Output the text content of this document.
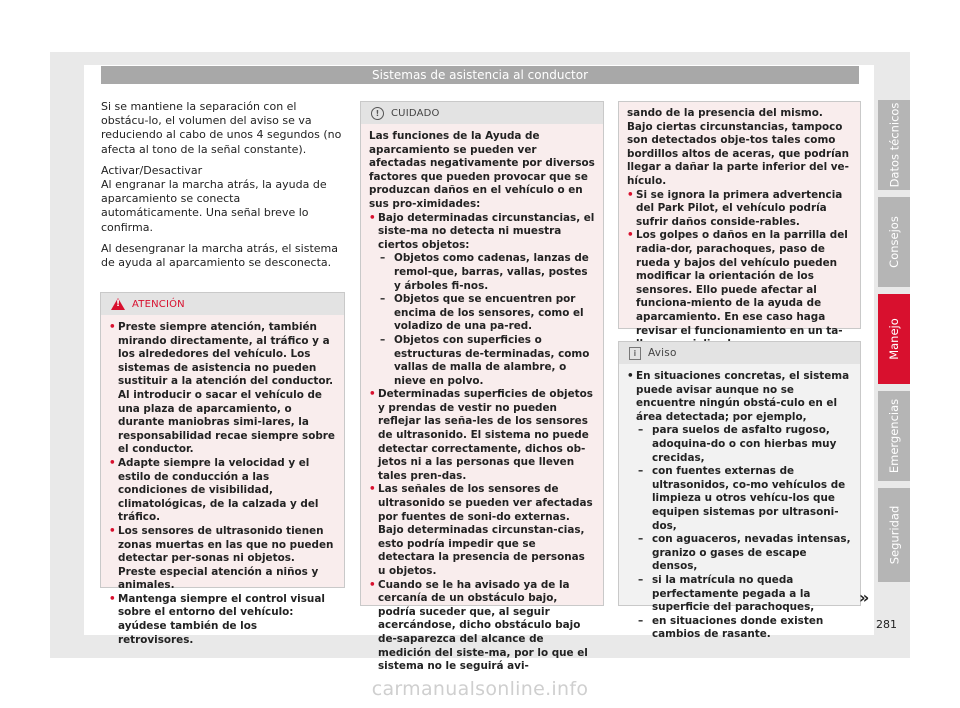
Sistemas de asistencia al conductor

Si se mantiene la separación con el obstácu-lo, el volumen del aviso se va reduciendo al cabo de unos 4 segundos (no afecta al tono de la señal constante).

Activar/Desactivar

Al engranar la marcha atrás, la ayuda de aparcamiento se conecta automáticamente. Una señal breve lo confirma.

Al desengranar la marcha atrás, el sistema de ayuda al aparcamiento se desconecta.

!
ATENCIÓN
• Preste siempre atención, también mirando directamente, al tráfico y a los alrededores del vehículo. Los sistemas de asistencia no pueden sustituir a la atención del conductor. Al introducir o sacar el vehículo de una plaza de aparcamiento, o durante maniobras simi-lares, la responsabilidad recae siempre sobre el conductor.
• Adapte siempre la velocidad y el estilo de conducción a las condiciones de visibilidad, climatológicas, de la calzada y del tráfico.
• Los sensores de ultrasonido tienen zonas muertas en las que no pueden detectar per-sonas ni objetos. Preste especial atención a niños y animales.
• Mantenga siempre el control visual sobre el entorno del vehículo: ayúdese también de los retrovisores.
!	CUIDADO
Las funciones de la Ayuda de aparcamiento se pueden ver afectadas negativamente por diversos factores que pueden provocar que se produzcan daños en el vehículo o en sus pro-ximidades:
• Bajo determinadas circunstancias, el siste-ma no detecta ni muestra ciertos objetos:
– Objetos como cadenas, lanzas de remol-que, barras, vallas, postes y árboles fi-nos.
– Objetos que se encuentren por encima de los sensores, como el voladizo de una pa-red.
– Objetos con superficies o estructuras de-terminadas, como vallas de malla de alambre, o nieve en polvo.
• Determinadas superficies de objetos y prendas de vestir no pueden reflejar las seña-les de los sensores de ultrasonido. El sistema no puede detectar correctamente, dichos ob-jetos ni a las personas que lleven tales pren-das.
• Las señales de los sensores de ultrasonido se pueden ver afectadas por fuentes de soni-do externas. Bajo determinadas circunstan-cias, esto podría impedir que se detectara la presencia de personas u objetos.
• Cuando se le ha avisado ya de la cercanía de un obstáculo bajo, podría suceder que, al seguir acercándose, dicho obstáculo bajo de-saparezca del alcance de medición del siste-ma, por lo que el sistema no le seguirá avi-
sando de la presencia del mismo. Bajo ciertas circunstancias, tampoco son detectados obje-tos tales como bordillos altos de aceras, que podrían llegar a dañar la parte inferior del ve-hículo.
• Si se ignora la primera advertencia del Park Pilot, el vehículo podría sufrir daños conside-rables.
• Los golpes o daños en la parrilla del radia-dor, parachoques, paso de rueda y bajos del vehículo pueden modificar la orientación de los sensores. Ello puede afectar al funciona-miento de la ayuda de aparcamiento. En ese caso haga revisar el funcionamiento en un ta-
i	Aviso
• En situaciones concretas, el sistema puede avisar aunque no se encuentre ningún obstá-culo en el área detectada; por ejemplo,
– para suelos de asfalto rugoso, adoquina-do o con hierbas muy crecidas,
– con fuentes externas de ultrasonidos, co-mo vehículos de limpieza u otros vehícu-los que equipen sistemas por ultrasoni-dos,
– con aguaceros, nevadas intensas, granizo o gases de escape densos,
– si la matrícula no queda perfectamente pegada a la superficie del parachoques,
– en situaciones donde existen cambios de rasante.
»
Datos técnicos
Consejos
Manejo
Emergencias
Seguridad
281
carmanualsonline.info
